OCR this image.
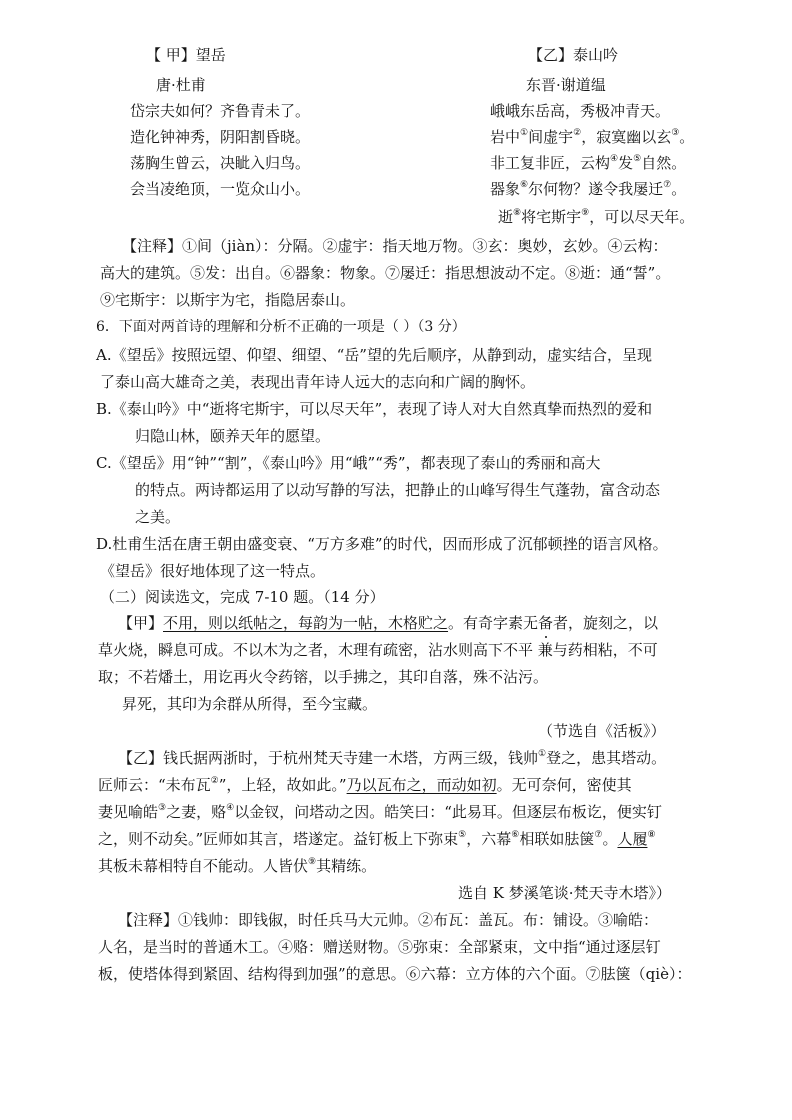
【 甲】望岳
唐·杜甫
岱宗夫如何？齐鲁青未了。
造化钟神秀，阴阳割昏晓。
荡胸生曾云，决眦入归鸟。
会当凌绝顶，一览众山小。
【乙】泰山吟
东晋·谢道缊
峨峨东岳高，秀极冲青天。
岩中①间虚宇②，寂寞幽以玄③。
非工复非匠，云构④发⑤自然。
器象⑥尔何物？遂令我屡迁⑦。
逝⑧将宅斯宇⑨，可以尽天年。
【注释】①间（jiàn）：分隔。②虚宇：指天地万物。③玄：奥妙，玄妙。④云构：
高大的建筑。⑤发：出自。⑥器象：物象。⑦屡迁：指思想波动不定。⑧逝：通“誓”。
⑨宅斯宇：以斯宇为宅，指隐居泰山。
6．下面对两首诗的理解和分析不正确的一项是（ ）（3 分）
A.《望岳》按照远望、仰望、细望、“岳”望的先后顺序，从静到动，虚实结合，呈现
了泰山高大雄奇之美，表现出青年诗人远大的志向和广阔的胸怀。
B.《泰山吟》中“逝将宅斯宇，可以尽天年”，表现了诗人对大自然真挚而热烈的爱和
归隐山林，颐养天年的愿望。
C.《望岳》用“钟”“割”，《泰山吟》用“峨”“秀”，都表现了泰山的秀丽和高大
的特点。两诗都运用了以动写静的写法，把静止的山峰写得生气蓬勃，富含动态
之美。
D.杜甫生活在唐王朝由盛变衰、“万方多难”的时代，因而形成了沉郁顿挫的语言风格。
《望岳》很好地体现了这一特点。
（二）阅读选文，完成 7-10 题。（14 分）
【甲】不用，则以纸帖之，每韵为一帖，木格贮之。有奇字素无备者，旋刻之，以
草火烧，瞬息可成。不以木为之者，木理有疏密，沾水则高下不平 兼与药相粘，不可
取；不若燔土，用讫再火令药镕，以手拂之，其印自落，殊不沾污。
昇死，其印为余群从所得，至今宝藏。
（节选自《活板》）
【乙】钱氏据两浙时，于杭州梵天寺建一木塔，方两三级，钱帅①登之，患其塔动。
匠师云：“未布瓦②”，上轻，故如此。”乃以瓦布之，而动如初。无可奈何，密使其
妻见喻皓③之妻，赂④以金钗，问塔动之因。皓笑曰：“此易耳。但逐层布板讫，便实钉
之，则不动矣。”匠师如其言，塔遂定。益钉板上下弥束⑤，六幕⑥相联如胠箧⑦。人履⑧
其板未幕相特自不能动。人皆伏⑨其精练。
选自 K 梦溪笔谈·梵天寺木塔》）
【注释】①钱帅：即钱俶，时任兵马大元帅。②布瓦：盖瓦。布：铺设。③喻皓：
人名，是当时的普通木工。④赂：赠送财物。⑤弥束：全部紧束，文中指“通过逐层钉
板，使塔体得到紧固、结构得到加强”的意思。⑥六幕：立方体的六个面。⑦胠箧（qiè）：
